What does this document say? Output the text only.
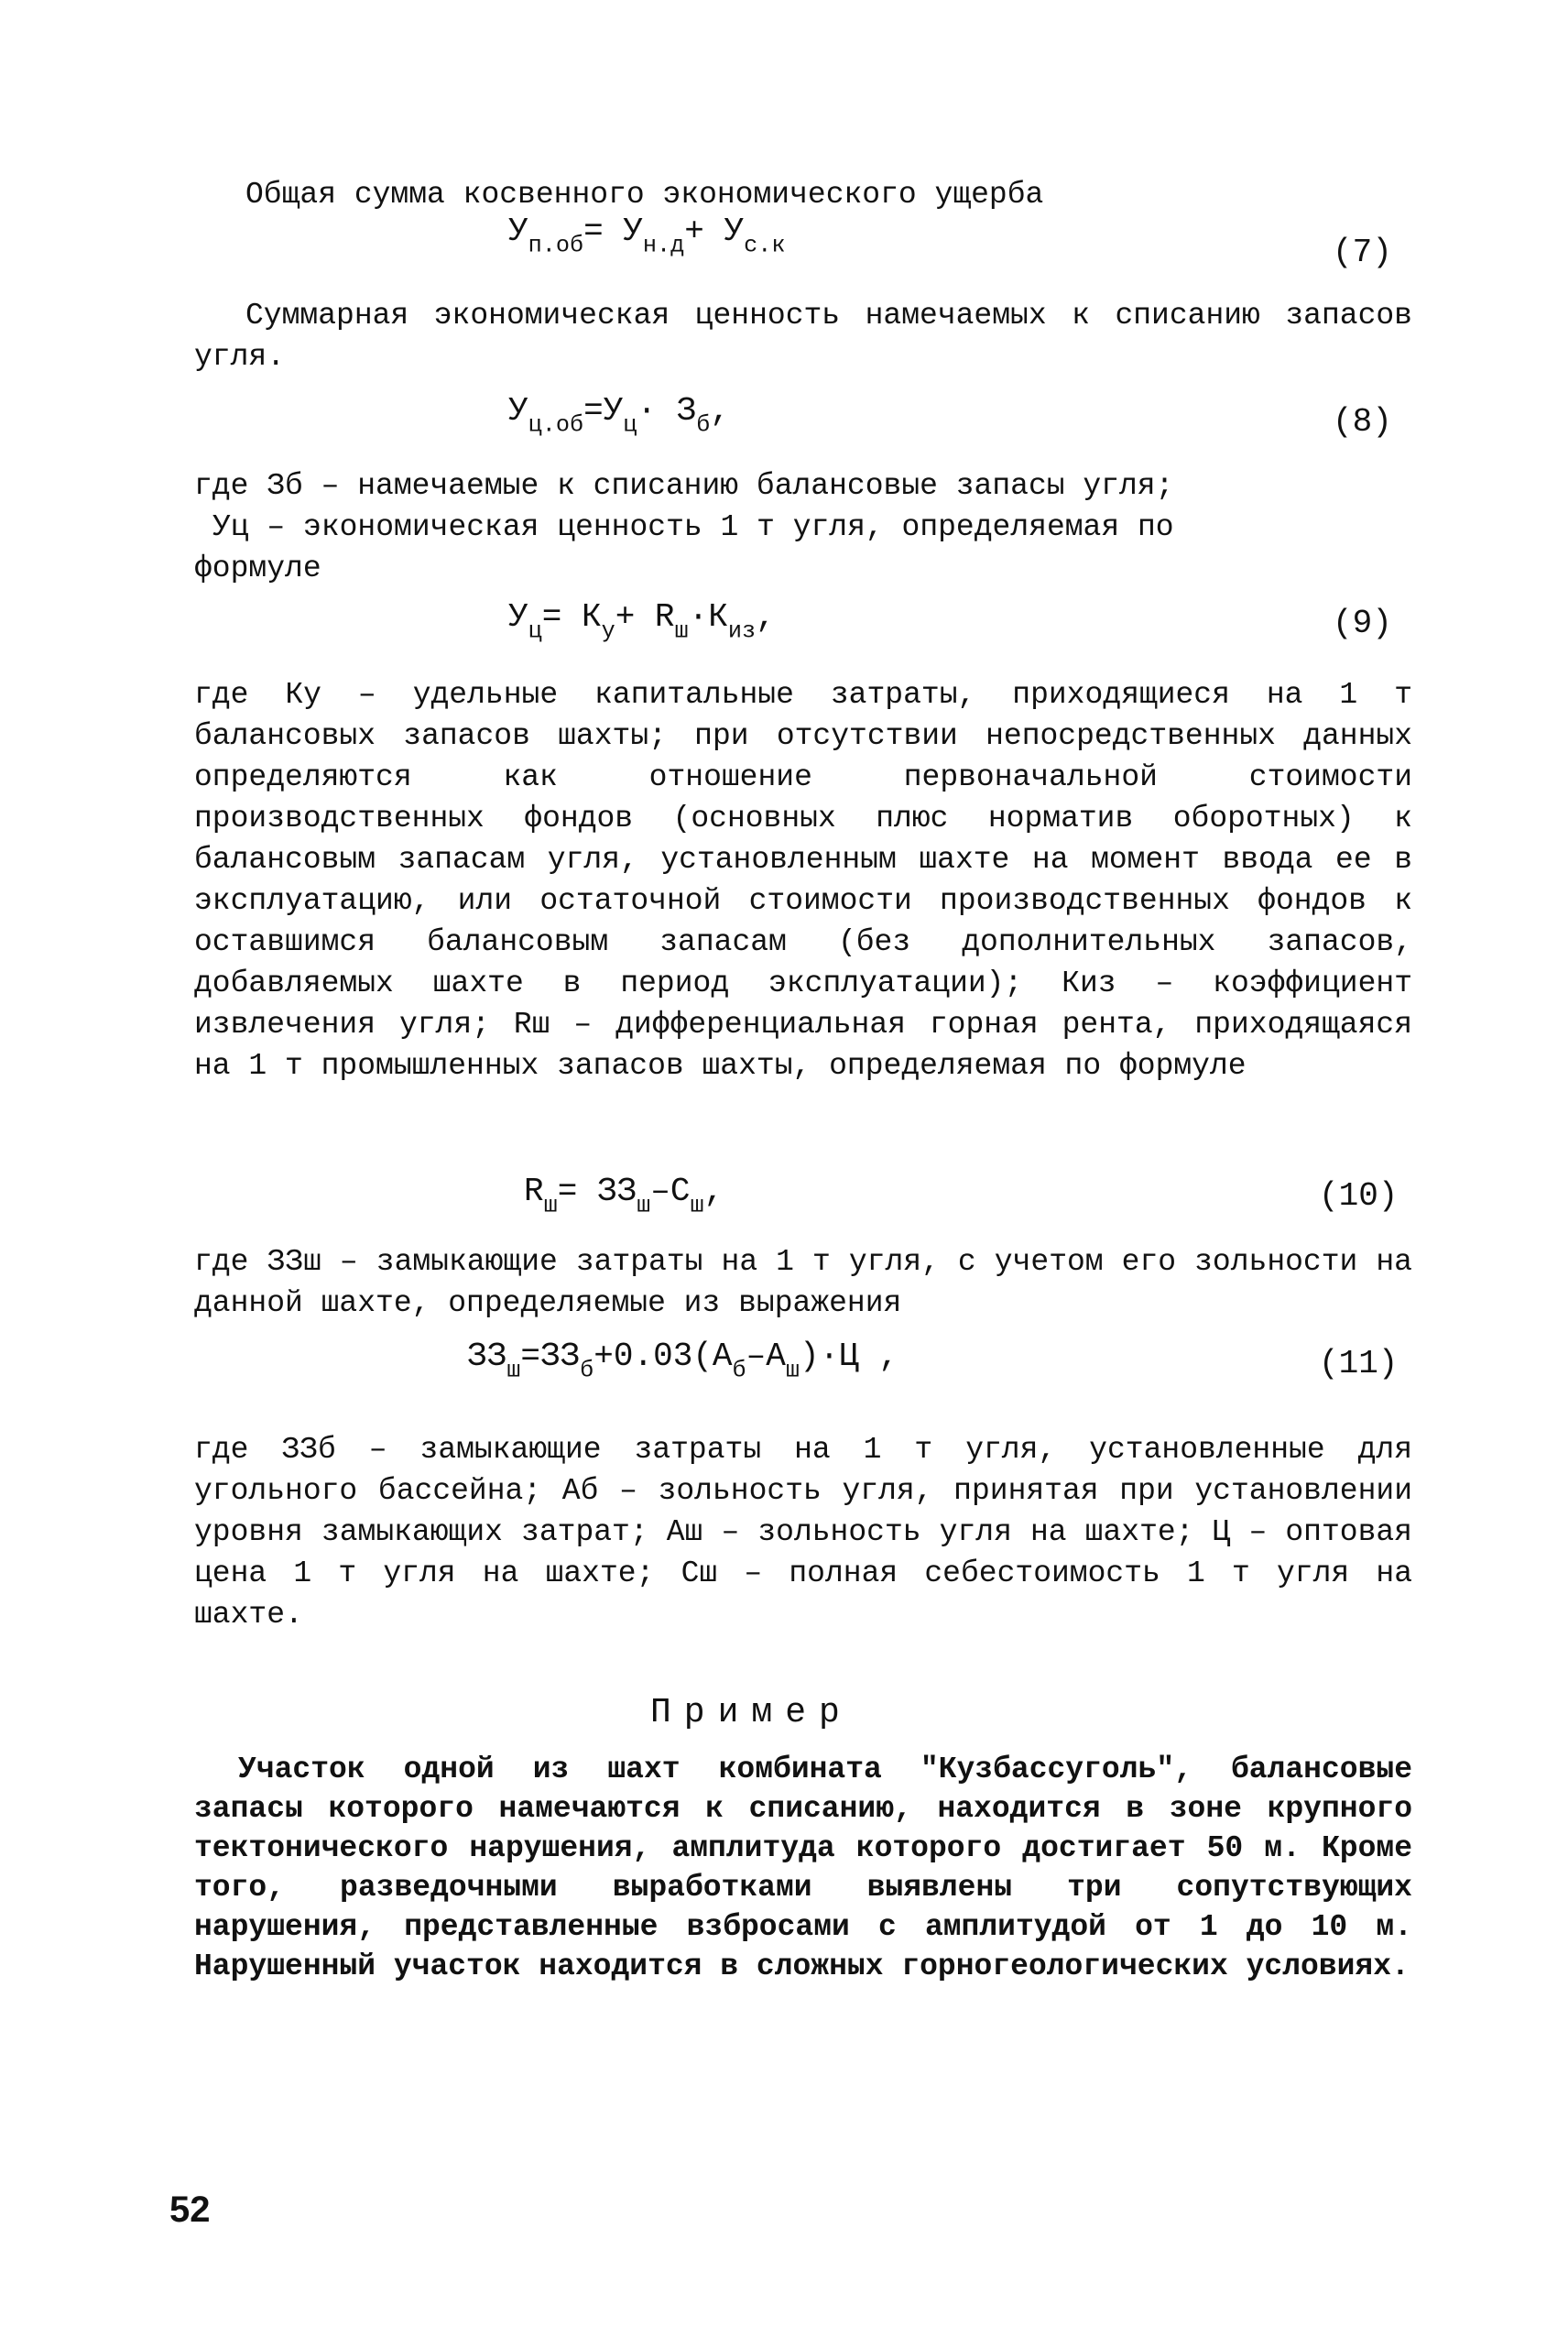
Общая сумма косвенного экономического ущерба

$У_{п.об}= У_{н.д}+ У_{с.к}$	(7)

Суммарная экономическая ценность намечаемых к списанию запасов угля.

$У_{ц.об}=У_ц\cdot З_б$,	(8)

где Зб – намечаемые к списанию балансовые запасы угля;

Уц – экономическая ценность 1 т угля, определяемая по

формуле

$У_ц= К_у+ R_ш\cdot К_{из}$,	(9)

где Ку – удельные капитальные затраты, приходящиеся на 1 т балансовых запасов шахты; при отсутствии непосредственных данных определяются как отношение первоначальной стоимости производственных фондов (основных плюс норматив оборотных) к балансовым запасам угля, установленным шахте на момент ввода ее в эксплуатацию, или остаточной стоимости производственных фондов к оставшимся балансовым запасам (без дополнительных запасов, добавляемых шахте в период эксплуатации); Киз – коэффициент извлечения угля; Rш – дифференциальная горная рента, приходящаяся на 1 т промышленных запасов шахты, определяемая по формуле

$R_ш= ЗЗ_ш-С_ш$,	(10)

где ЗЗш – замыкающие затраты на 1 т угля, с учетом его зольности на данной шахте, определяемые из выражения

$ЗЗ_ш=ЗЗ_б+0.03(А_б-А_ш)\cdot Ц$ ,	(11)

где ЗЗб – замыкающие затраты на 1 т угля, установленные для угольного бассейна; Аб – зольность угля, принятая при установлении уровня замыкающих затрат; Аш – зольность угля на шахте; Ц – оптовая цена 1 т угля на шахте; Сш – полная себестоимость 1 т угля на шахте.

Пример

Участок одной из шахт комбината "Кузбассуголь", балансовые запасы которого намечаются к списанию, находится в зоне крупного тектонического нарушения, амплитуда которого достигает 50 м. Кроме того, разведочными выработками выявлены три сопутствующих нарушения, представленные взбросами с амплитудой от 1 до 10 м. Нарушенный участок находится в сложных горногеологических условиях.

52
